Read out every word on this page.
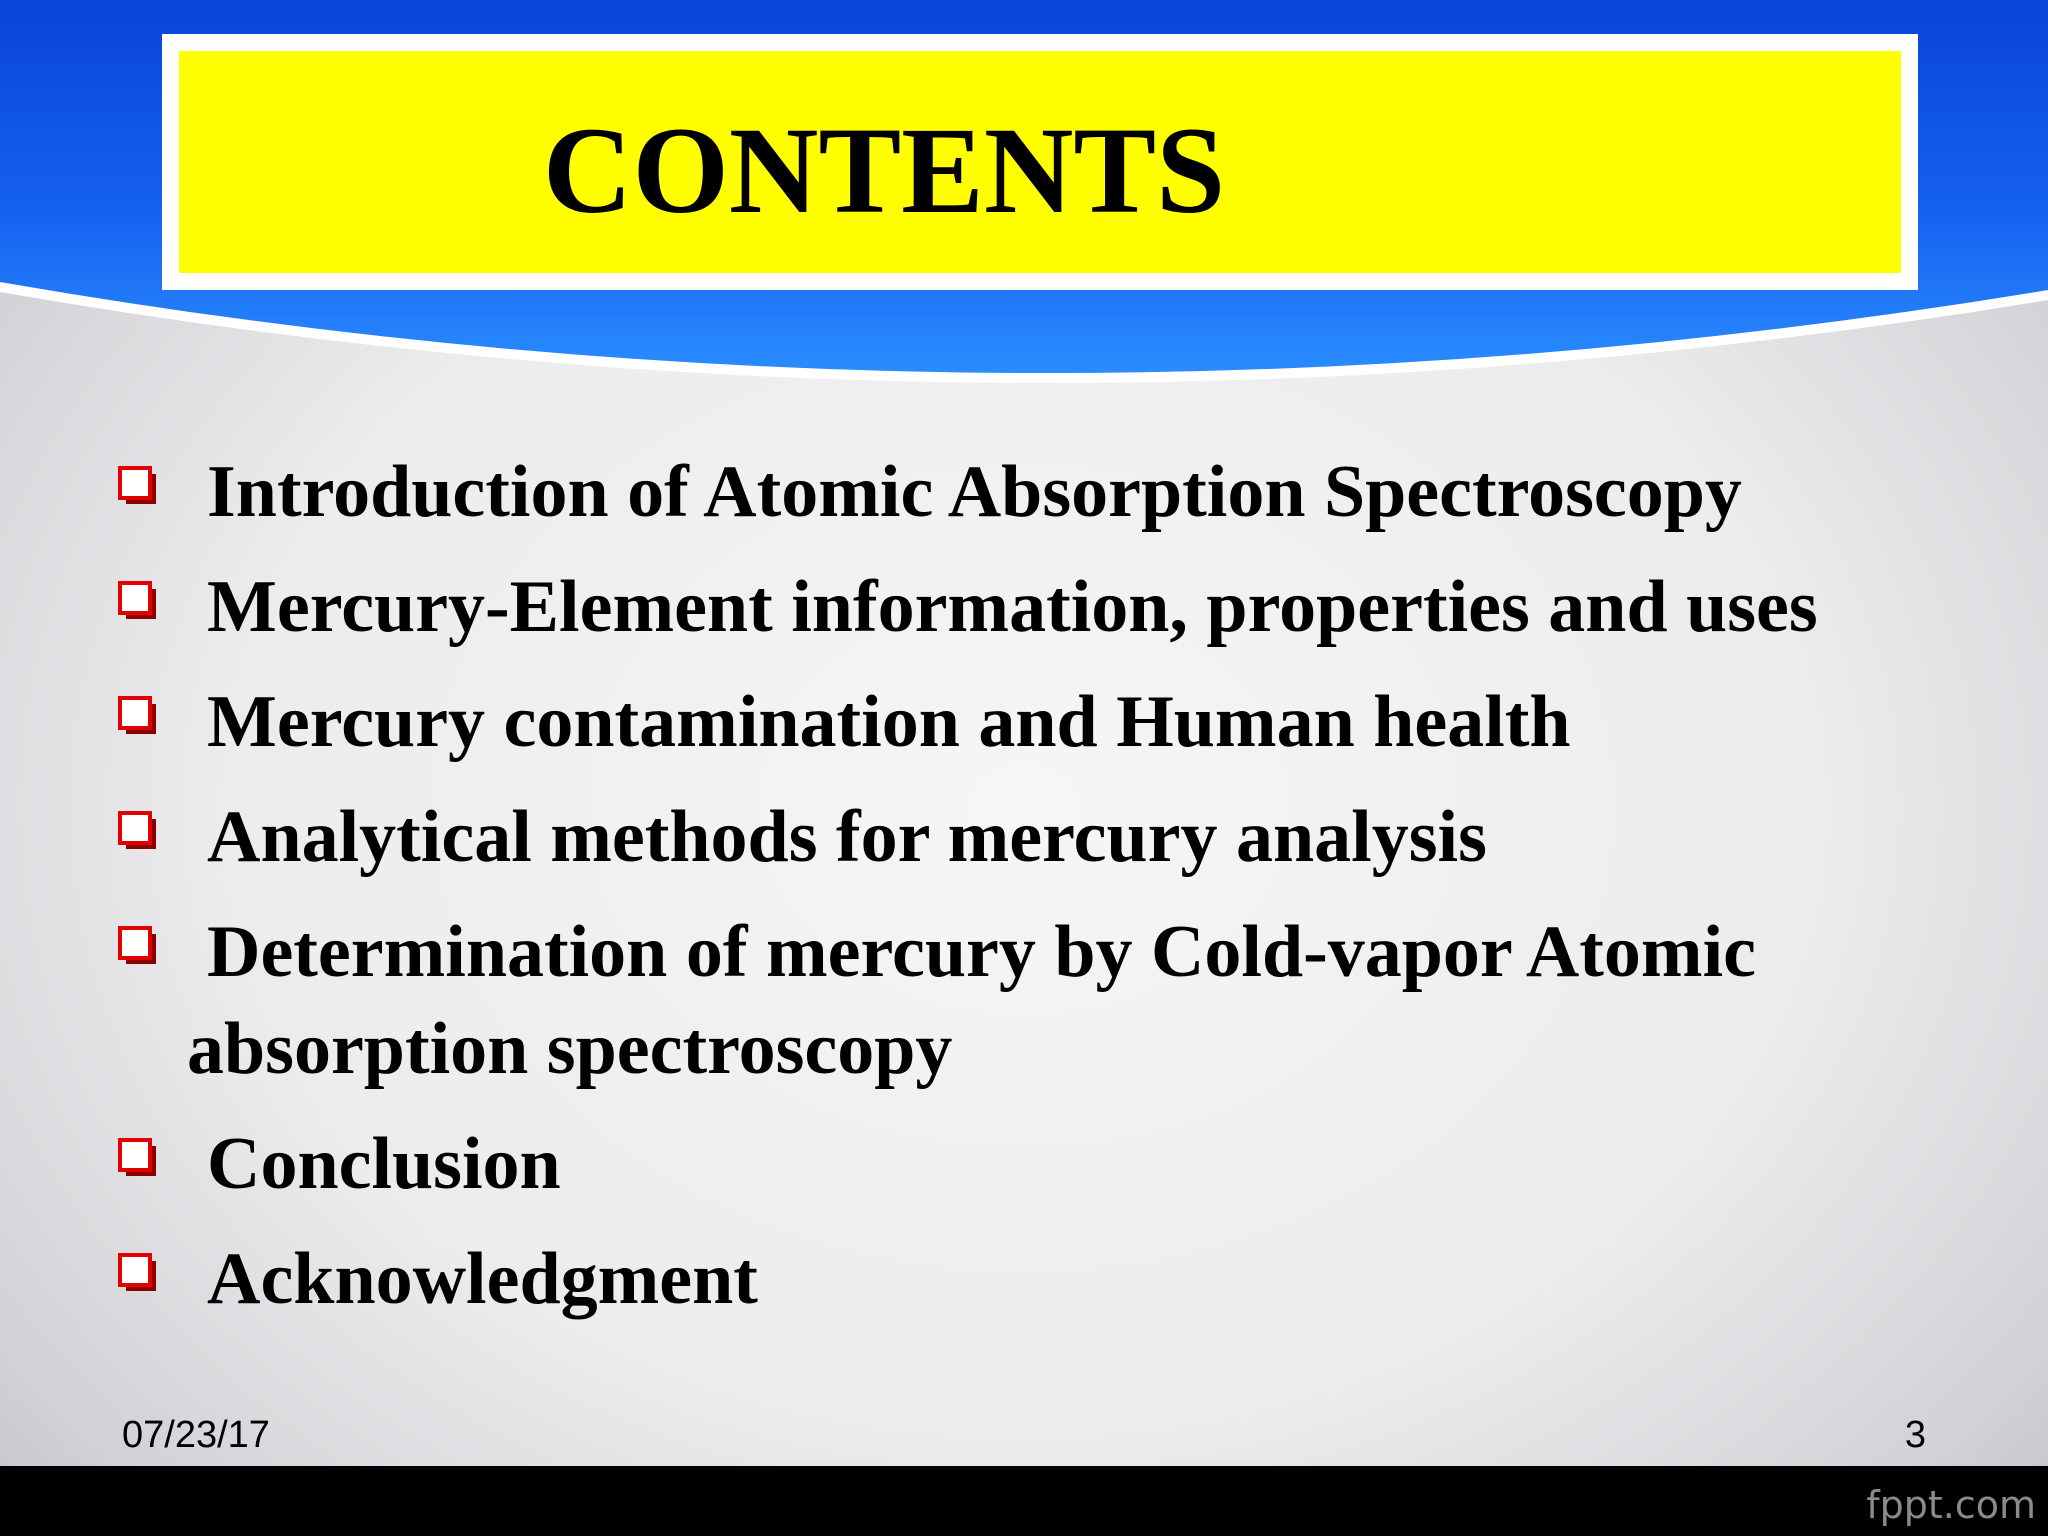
CONTENTS
Introduction of Atomic Absorption Spectroscopy
Mercury-Element information, properties and uses
Mercury contamination and Human health
Analytical methods for mercury analysis
Determination of mercury by Cold-vapor Atomic

absorption spectroscopy
Conclusion
Acknowledgment
07/23/17	3
fppt.com
